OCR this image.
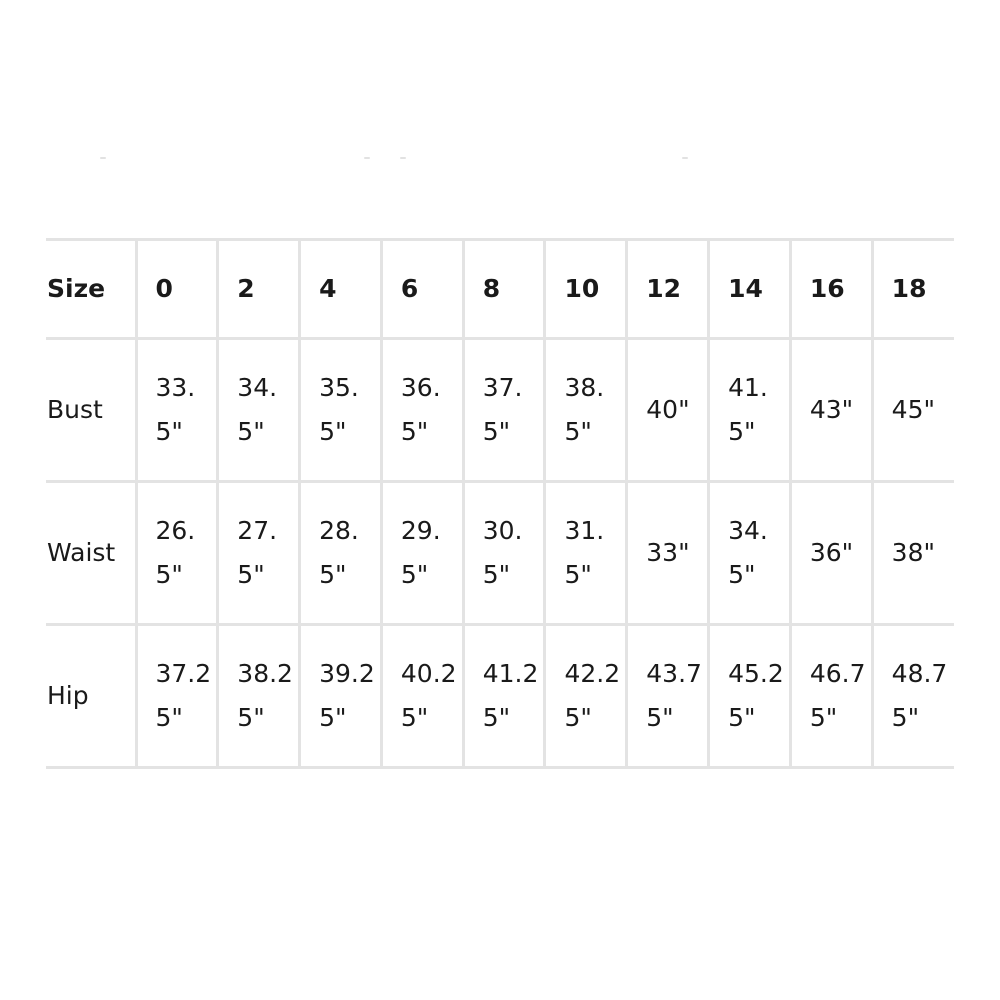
Size	0	2	4	6	8	10	12	14	16	18
Bust	33.5"	34.5"	35.5"	36.5"	37.5"	38.5"	40"	41.5"	43"	45"
Waist	26.5"	27.5"	28.5"	29.5"	30.5"	31.5"	33"	34.5"	36"	38"
Hip	37.25"	38.25"	39.25"	40.25"	41.25"	42.25"	43.75"	45.25"	46.75"	48.75"
